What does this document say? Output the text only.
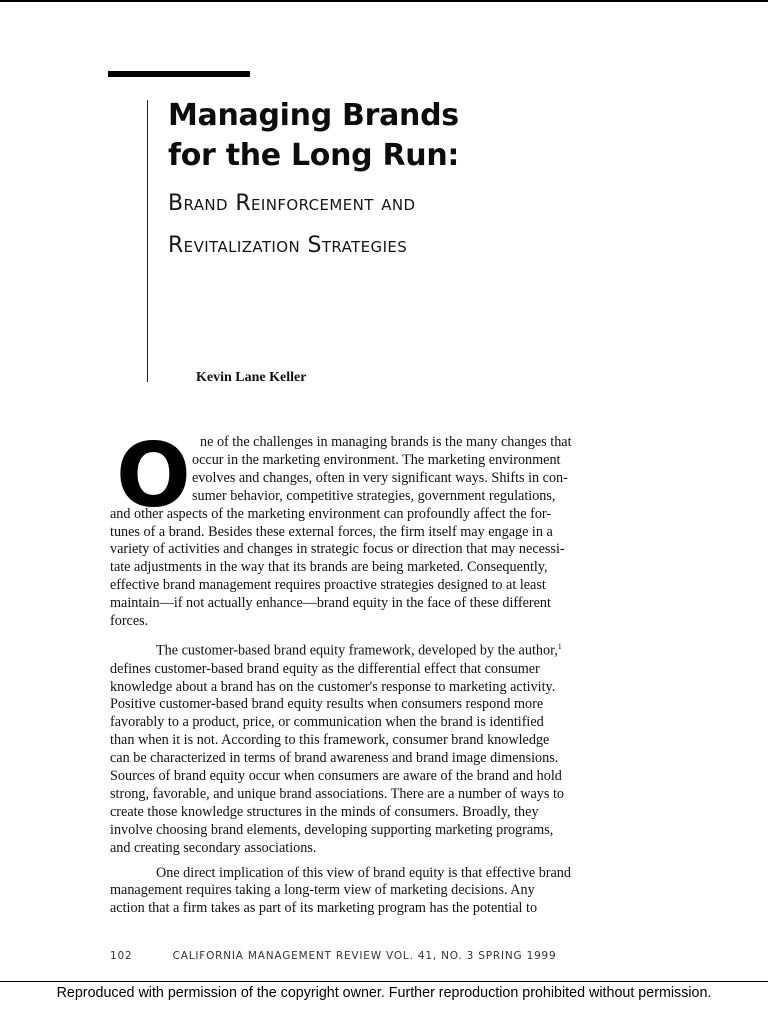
Managing Brands
for the Long Run:
Brand Reinforcement and
Revitalization Strategies
Kevin Lane Keller
O ne of the challenges in managing brands is the many changes that
occur in the marketing environment. The marketing environment
evolves and changes, often in very significant ways. Shifts in con-
sumer behavior, competitive strategies, government regulations,
and other aspects of the marketing environment can profoundly affect the for-
tunes of a brand. Besides these external forces, the firm itself may engage in a
variety of activities and changes in strategic focus or direction that may necessi-
tate adjustments in the way that its brands are being marketed. Consequently,
effective brand management requires proactive strategies designed to at least
maintain—if not actually enhance—brand equity in the face of these different
forces.
The customer-based brand equity framework, developed by the author,$^1$
defines customer-based brand equity as the differential effect that consumer
knowledge about a brand has on the customer's response to marketing activity.
Positive customer-based brand equity results when consumers respond more
favorably to a product, price, or communication when the brand is identified
than when it is not. According to this framework, consumer brand knowledge
can be characterized in terms of brand awareness and brand image dimensions.
Sources of brand equity occur when consumers are aware of the brand and hold
strong, favorable, and unique brand associations. There are a number of ways to
create those knowledge structures in the minds of consumers. Broadly, they
involve choosing brand elements, developing supporting marketing programs,
and creating secondary associations.
One direct implication of this view of brand equity is that effective brand
management requires taking a long-term view of marketing decisions. Any
action that a firm takes as part of its marketing program has the potential to
102	CALIFORNIA MANAGEMENT REVIEW VOL. 41, NO. 3 SPRING 1999
Reproduced with permission of the copyright owner. Further reproduction prohibited without permission.
